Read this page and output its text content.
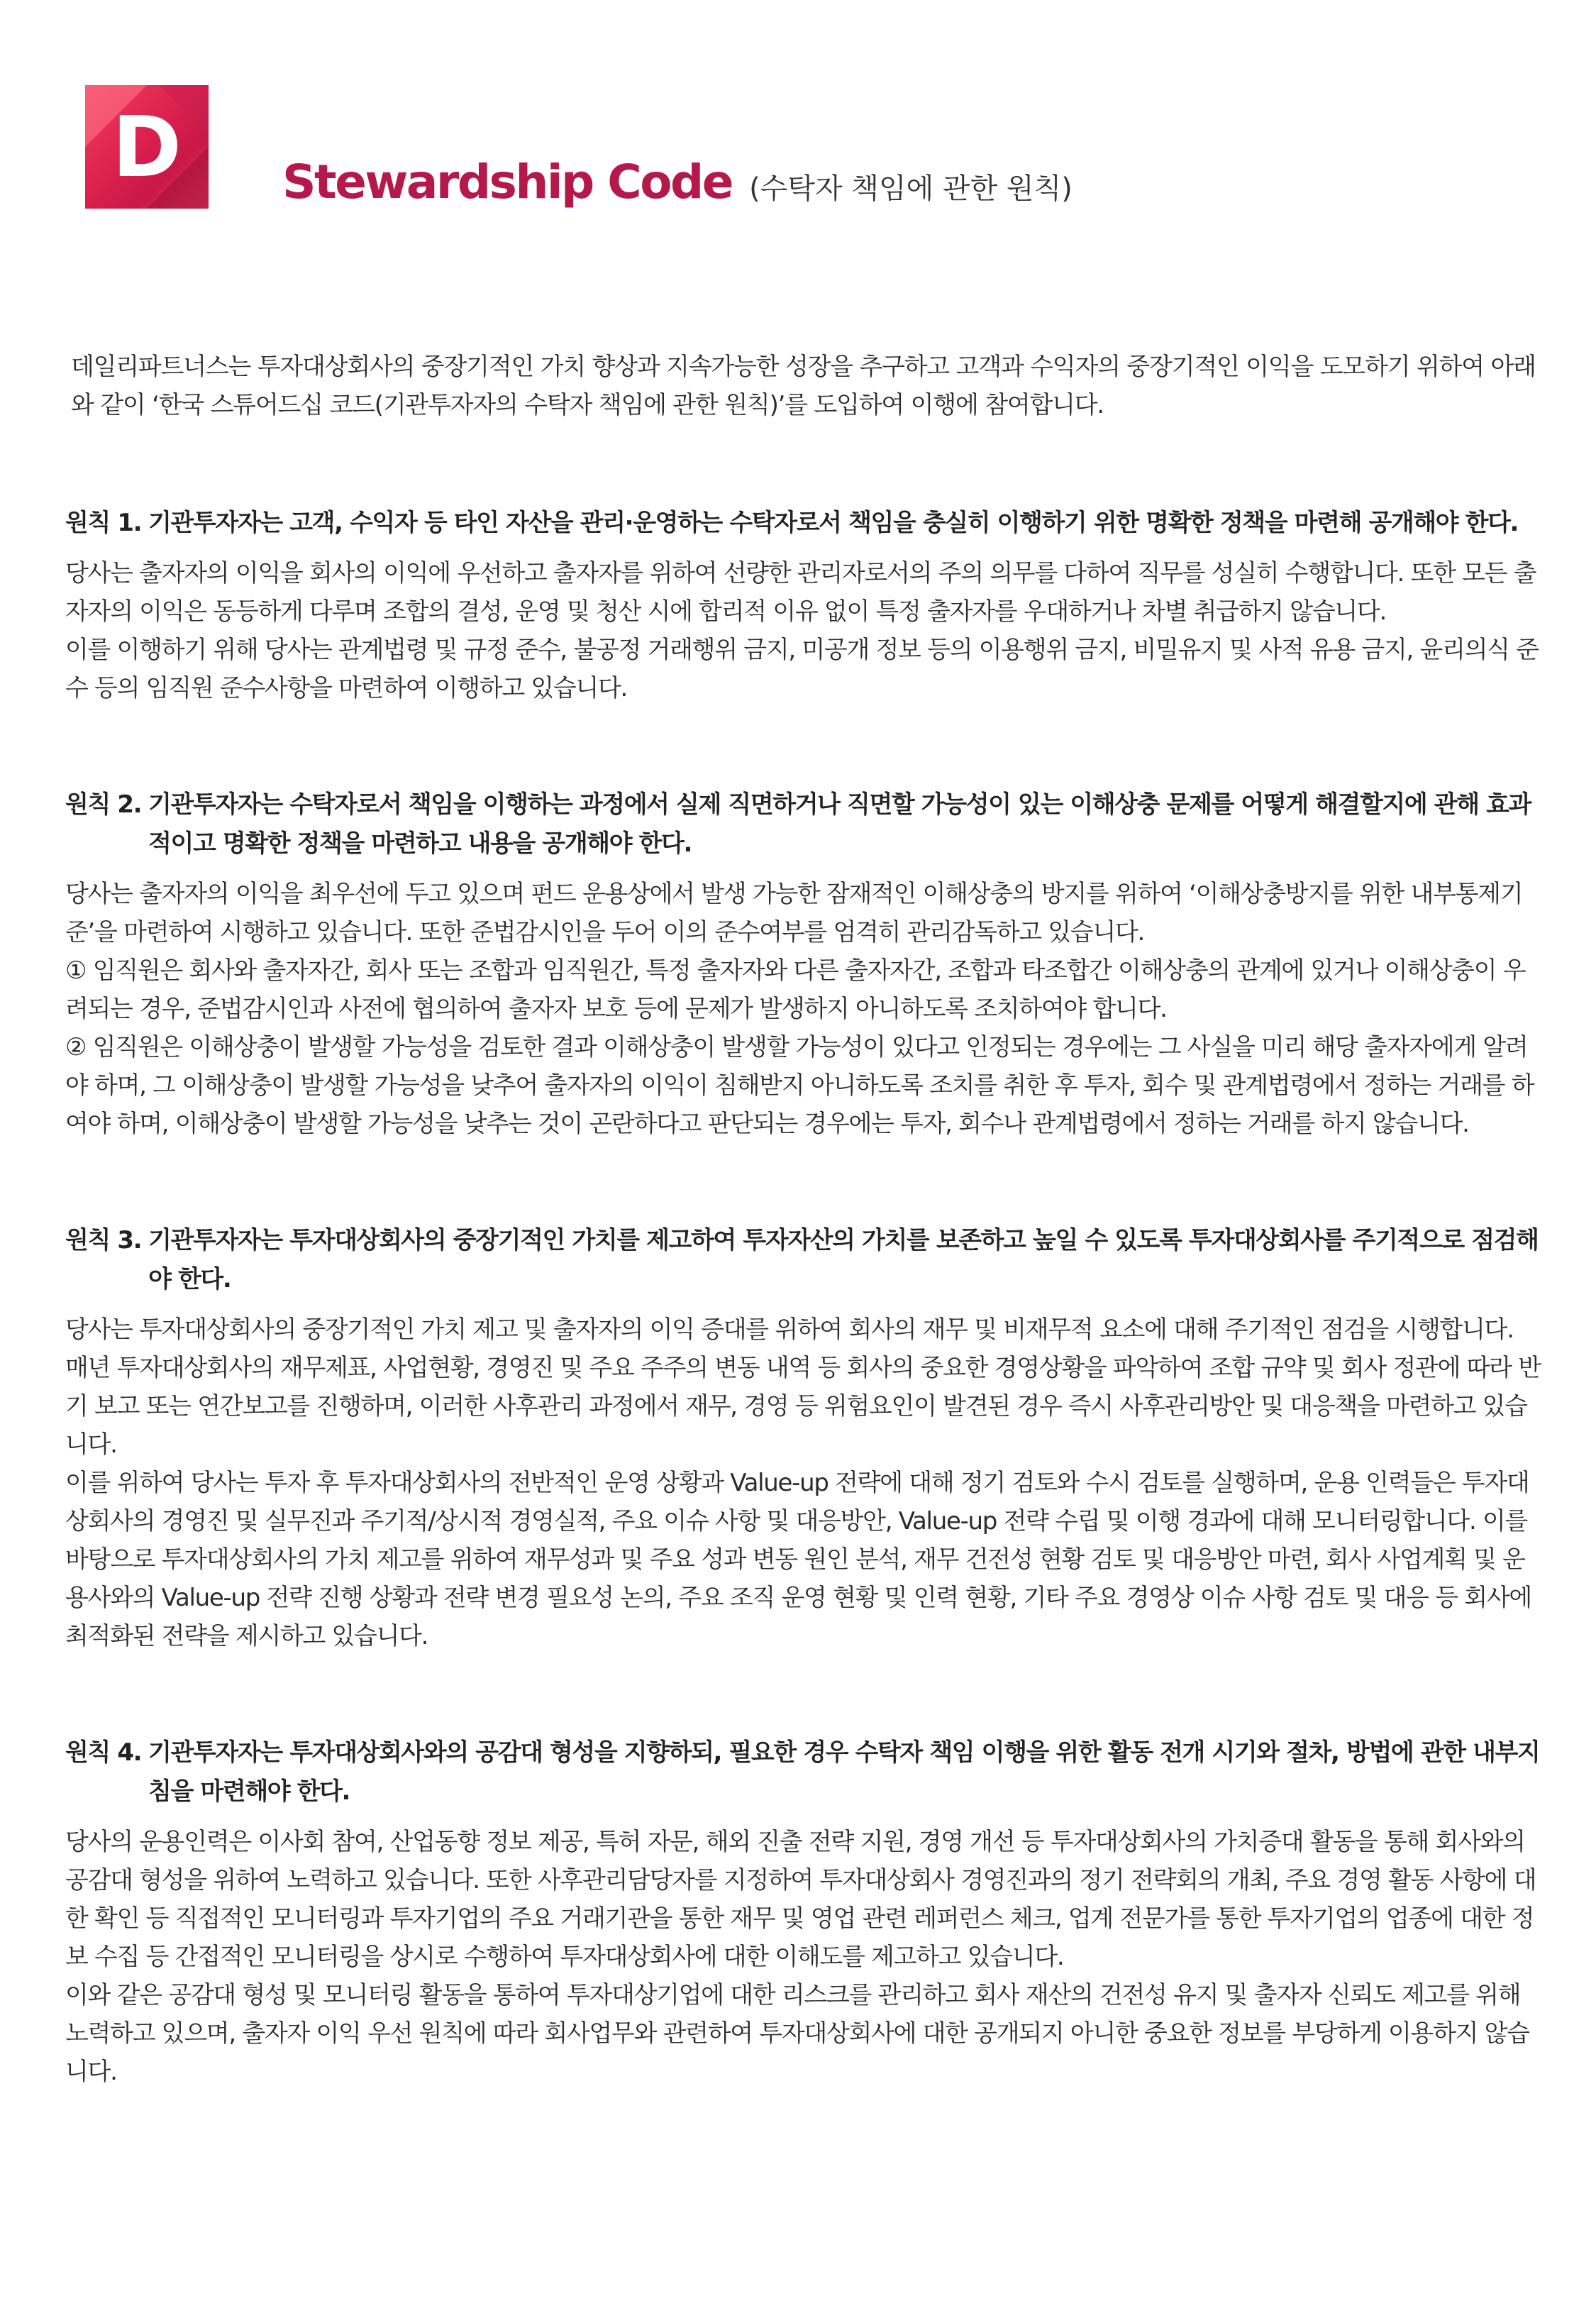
D	Stewardship Code (수탁자 책임에 관한 원칙)

데일리파트너스는 투자대상회사의 중장기적인 가치 향상과 지속가능한 성장을 추구하고 고객과 수익자의 중장기적인 이익을 도모하기 위하여 아래와 같이 ‘한국 스튜어드십 코드(기관투자자의 수탁자 책임에 관한 원칙)’를 도입하여 이행에 참여합니다.

원칙 1. 기관투자자는 고객, 수익자 등 타인 자산을 관리·운영하는 수탁자로서 책임을 충실히 이행하기 위한 명확한 정책을 마련해 공개해야 한다.

당사는 출자자의 이익을 회사의 이익에 우선하고 출자자를 위하여 선량한 관리자로서의 주의 의무를 다하여 직무를 성실히 수행합니다. 또한 모든 출자자의 이익은 동등하게 다루며 조합의 결성, 운영 및 청산 시에 합리적 이유 없이 특정 출자자를 우대하거나 차별 취급하지 않습니다.

이를 이행하기 위해 당사는 관계법령 및 규정 준수, 불공정 거래행위 금지, 미공개 정보 등의 이용행위 금지, 비밀유지 및 사적 유용 금지, 윤리의식 준수 등의 임직원 준수사항을 마련하여 이행하고 있습니다.

원칙 2. 기관투자자는 수탁자로서 책임을 이행하는 과정에서 실제 직면하거나 직면할 가능성이 있는 이해상충 문제를 어떻게 해결할지에 관해 효과적이고 명확한 정책을 마련하고 내용을 공개해야 한다.

당사는 출자자의 이익을 최우선에 두고 있으며 펀드 운용상에서 발생 가능한 잠재적인 이해상충의 방지를 위하여 ‘이해상충방지를 위한 내부통제기준’을 마련하여 시행하고 있습니다. 또한 준법감시인을 두어 이의 준수여부를 엄격히 관리감독하고 있습니다.

① 임직원은 회사와 출자자간, 회사 또는 조합과 임직원간, 특정 출자자와 다른 출자자간, 조합과 타조합간 이해상충의 관계에 있거나 이해상충이 우려되는 경우, 준법감시인과 사전에 협의하여 출자자 보호 등에 문제가 발생하지 아니하도록 조치하여야 합니다.

② 임직원은 이해상충이 발생할 가능성을 검토한 결과 이해상충이 발생할 가능성이 있다고 인정되는 경우에는 그 사실을 미리 해당 출자자에게 알려야 하며, 그 이해상충이 발생할 가능성을 낮추어 출자자의 이익이 침해받지 아니하도록 조치를 취한 후 투자, 회수 및 관계법령에서 정하는 거래를 하여야 하며, 이해상충이 발생할 가능성을 낮추는 것이 곤란하다고 판단되는 경우에는 투자, 회수나 관계법령에서 정하는 거래를 하지 않습니다.

원칙 3. 기관투자자는 투자대상회사의 중장기적인 가치를 제고하여 투자자산의 가치를 보존하고 높일 수 있도록 투자대상회사를 주기적으로 점검해야 한다.

당사는 투자대상회사의 중장기적인 가치 제고 및 출자자의 이익 증대를 위하여 회사의 재무 및 비재무적 요소에 대해 주기적인 점검을 시행합니다. 매년 투자대상회사의 재무제표, 사업현황, 경영진 및 주요 주주의 변동 내역 등 회사의 중요한 경영상황을 파악하여 조합 규약 및 회사 정관에 따라 반기 보고 또는 연간보고를 진행하며, 이러한 사후관리 과정에서 재무, 경영 등 위험요인이 발견된 경우 즉시 사후관리방안 및 대응책을 마련하고 있습니다.

이를 위하여 당사는 투자 후 투자대상회사의 전반적인 운영 상황과 Value-up 전략에 대해 정기 검토와 수시 검토를 실행하며, 운용 인력들은 투자대상회사의 경영진 및 실무진과 주기적/상시적 경영실적, 주요 이슈 사항 및 대응방안, Value-up 전략 수립 및 이행 경과에 대해 모니터링합니다. 이를 바탕으로 투자대상회사의 가치 제고를 위하여 재무성과 및 주요 성과 변동 원인 분석, 재무 건전성 현황 검토 및 대응방안 마련, 회사 사업계획 및 운용사와의 Value-up 전략 진행 상황과 전략 변경 필요성 논의, 주요 조직 운영 현황 및 인력 현황, 기타 주요 경영상 이슈 사항 검토 및 대응 등 회사에 최적화된 전략을 제시하고 있습니다.

원칙 4. 기관투자자는 투자대상회사와의 공감대 형성을 지향하되, 필요한 경우 수탁자 책임 이행을 위한 활동 전개 시기와 절차, 방법에 관한 내부지침을 마련해야 한다.

당사의 운용인력은 이사회 참여, 산업동향 정보 제공, 특허 자문, 해외 진출 전략 지원, 경영 개선 등 투자대상회사의 가치증대 활동을 통해 회사와의 공감대 형성을 위하여 노력하고 있습니다. 또한 사후관리담당자를 지정하여 투자대상회사 경영진과의 정기 전략회의 개최, 주요 경영 활동 사항에 대한 확인 등 직접적인 모니터링과 투자기업의 주요 거래기관을 통한 재무 및 영업 관련 레퍼런스 체크, 업계 전문가를 통한 투자기업의 업종에 대한 정보 수집 등 간접적인 모니터링을 상시로 수행하여 투자대상회사에 대한 이해도를 제고하고 있습니다.

이와 같은 공감대 형성 및 모니터링 활동을 통하여 투자대상기업에 대한 리스크를 관리하고 회사 재산의 건전성 유지 및 출자자 신뢰도 제고를 위해 노력하고 있으며, 출자자 이익 우선 원칙에 따라 회사업무와 관련하여 투자대상회사에 대한 공개되지 아니한 중요한 정보를 부당하게 이용하지 않습니다.
